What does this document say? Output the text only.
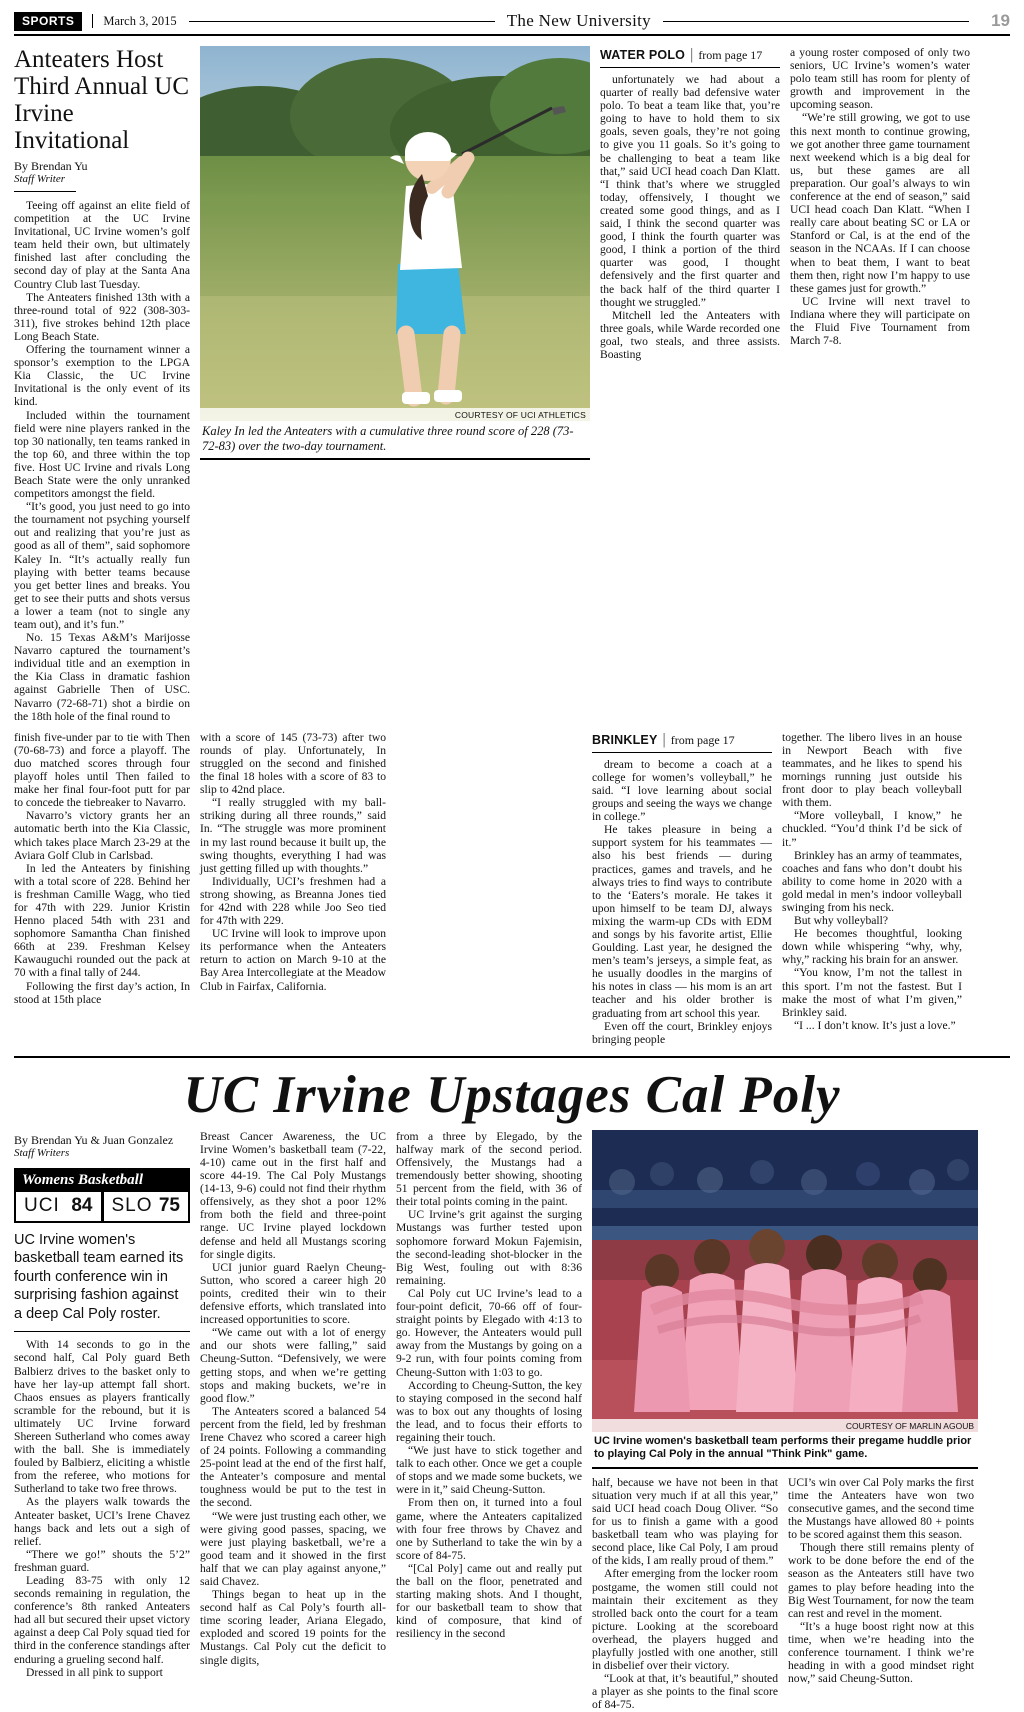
SPORTS	March 3, 2015	The New University	19
Anteaters Host Third Annual UC Irvine Invitational
By Brendan Yu
Staff Writer

Teeing off against an elite field of competition at the UC Irvine Invitational, UC Irvine women’s golf team held their own, but ultimately finished last after concluding the second day of play at the Santa Ana Country Club last Tuesday.

The Anteaters finished 13th with a three-round total of 922 (308-303-311), five strokes behind 12th place Long Beach State.

Offering the tournament winner a sponsor’s exemption to the LPGA Kia Classic, the UC Irvine Invitational is the only event of its kind.

Included within the tournament field were nine players ranked in the top 30 nationally, ten teams ranked in the top 60, and three within the top five. Host UC Irvine and rivals Long Beach State were the only unranked competitors amongst the field.

“It’s good, you just need to go into the tournament not psyching yourself out and realizing that you’re just as good as all of them”, said sophomore Kaley In. “It’s actually really fun playing with better teams because you get better lines and breaks. You get to see their putts and shots versus a lower a team (not to single any team out), and it’s fun.”

No. 15 Texas A&M’s Marijosse Navarro captured the tournament’s individual title and an exemption in the Kia Class in dramatic fashion against Gabrielle Then of USC. Navarro (72-68-71) shot a birdie on the 18th hole of the final round to

COURTESY OF UCI ATHLETICS
Kaley In led the Anteaters with a cumulative three round score of 228 (73-72-83) over the two-day tournament.
WATER POLO | from page 17

unfortunately we had about a quarter of really bad defensive water polo. To beat a team like that, you’re going to have to hold them to six goals, seven goals, they’re not going to give you 11 goals. So it’s going to be challenging to beat a team like that,” said UCI head coach Dan Klatt. “I think that’s where we struggled today, offensively, I thought we created some good things, and as I said, I think the second quarter was good, I think the fourth quarter was good, I think a portion of the third quarter was good, I thought defensively and the first quarter and the back half of the third quarter I thought we struggled.”

Mitchell led the Anteaters with three goals, while Warde recorded one goal, two steals, and three assists. Boasting

a young roster composed of only two seniors, UC Irvine’s women’s water polo team still has room for plenty of growth and improvement in the upcoming season.

“We’re still growing, we got to use this next month to continue growing, we got another three game tournament next weekend which is a big deal for us, but these games are all preparation. Our goal’s always to win conference at the end of season,” said UCI head coach Dan Klatt. “When I really care about beating SC or LA or Stanford or Cal, is at the end of the season in the NCAAs. If I can choose when to beat them, I want to beat them then, right now I’m happy to use these games just for growth.”

UC Irvine will next travel to Indiana where they will participate on the Fluid Five Tournament from March 7-8.

finish five-under par to tie with Then (70-68-73) and force a playoff. The duo matched scores through four playoff holes until Then failed to make her final four-foot putt for par to concede the tiebreaker to Navarro.

Navarro’s victory grants her an automatic berth into the Kia Classic, which takes place March 23-29 at the Aviara Golf Club in Carlsbad.

In led the Anteaters by finishing with a total score of 228. Behind her is freshman Camille Wagg, who tied for 47th with 229. Junior Kristin Henno placed 54th with 231 and sophomore Samantha Chan finished 66th at 239. Freshman Kelsey Kawauguchi rounded out the pack at 70 with a final tally of 244.

Following the first day’s action, In stood at 15th place

with a score of 145 (73-73) after two rounds of play. Unfortunately, In struggled on the second and finished the final 18 holes with a score of 83 to slip to 42nd place.

“I really struggled with my ball-striking during all three rounds,” said In. “The struggle was more prominent in my last round because it built up, the swing thoughts, everything I had was just getting filled up with thoughts.”

Individually, UCI’s freshmen had a strong showing, as Breanna Jones tied for 42nd with 228 while Joo Seo tied for 47th with 229.

UC Irvine will look to improve upon its performance when the Anteaters return to action on March 9-10 at the Bay Area Intercollegiate at the Meadow Club in Fairfax, California.

BRINKLEY | from page 17

dream to become a coach at a college for women’s volleyball,” he said. “I love learning about social groups and seeing the ways we change in college.”

He takes pleasure in being a support system for his teammates –– also his best friends –– during practices, games and travels, and he always tries to find ways to contribute to the ‘Eaters’s morale. He takes it upon himself to be team DJ, always mixing the warm-up CDs with EDM and songs by his favorite artist, Ellie Goulding. Last year, he designed the men’s team’s jerseys, a simple feat, as he usually doodles in the margins of his notes in class –– his mom is an art teacher and his older brother is graduating from art school this year.

Even off the court, Brinkley enjoys bringing people

together. The libero lives in an house in Newport Beach with five teammates, and he likes to spend his mornings running just outside his front door to play beach volleyball with them.

“More volleyball, I know,” he chuckled. “You’d think I’d be sick of it.”

Brinkley has an army of teammates, coaches and fans who don’t doubt his ability to come home in 2020 with a gold medal in men’s indoor volleyball swinging from his neck.

But why volleyball?

He becomes thoughtful, looking down while whispering “why, why, why,” racking his brain for an answer.

“You know, I’m not the tallest in this sport. I’m not the fastest. But I make the most of what I’m given,” Brinkley said.

“I ... I don’t know. It’s just a love.”

UC Irvine Upstages Cal Poly
By Brendan Yu & Juan Gonzalez
Staff Writers
Womens Basketball
UCI 84 SLO 75
UC Irvine women's basketball team earned its fourth conference win in surprising fashion against a deep Cal Poly roster.

With 14 seconds to go in the second half, Cal Poly guard Beth Balbierz drives to the basket only to have her lay-up attempt fall short. Chaos ensues as players frantically scramble for the rebound, but it is ultimately UC Irvine forward Shereen Sutherland who comes away with the ball. She is immediately fouled by Balbierz, eliciting a whistle from the referee, who motions for Sutherland to take two free throws.

As the players walk towards the Anteater basket, UCI’s Irene Chavez hangs back and lets out a sigh of relief.

“There we go!” shouts the 5’2” freshman guard.

Leading 83-75 with only 12 seconds remaining in regulation, the conference’s 8th ranked Anteaters had all but secured their upset victory against a deep Cal Poly squad tied for third in the conference standings after enduring a grueling second half.

Dressed in all pink to support

Breast Cancer Awareness, the UC Irvine Women’s basketball team (7-22, 4-10) came out in the first half and score 44-19. The Cal Poly Mustangs (14-13, 9-6) could not find their rhythm offensively, as they shot a poor 12% from both the field and three-point range. UC Irvine played lockdown defense and held all Mustangs scoring for single digits.

UCI junior guard Raelyn Cheung-Sutton, who scored a career high 20 points, credited their win to their defensive efforts, which translated into increased opportunities to score.

“We came out with a lot of energy and our shots were falling,” said Cheung-Sutton. “Defensively, we were getting stops, and when we’re getting stops and making buckets, we’re in good flow.”

The Anteaters scored a balanced 54 percent from the field, led by freshman Irene Chavez who scored a career high of 24 points. Following a commanding 25-point lead at the end of the first half, the Anteater’s composure and mental toughness would be put to the test in the second.

“We were just trusting each other, we were giving good passes, spacing, we were just playing basketball, we’re a good team and it showed in the first half that we can play against anyone,” said Chavez.

Things began to heat up in the second half as Cal Poly’s fourth all-time scoring leader, Ariana Elegado, exploded and scored 19 points for the Mustangs. Cal Poly cut the deficit to single digits,

from a three by Elegado, by the halfway mark of the second period. Offensively, the Mustangs had a tremendously better showing, shooting 51 percent from the field, with 36 of their total points coming in the paint.

UC Irvine’s grit against the surging Mustangs was further tested upon sophomore forward Mokun Fajemisin, the second-leading shot-blocker in the Big West, fouling out with 8:36 remaining.

Cal Poly cut UC Irvine’s lead to a four-point deficit, 70-66 off of four-straight points by Elegado with 4:13 to go. However, the Anteaters would pull away from the Mustangs by going on a 9-2 run, with four points coming from Cheung-Sutton with 1:03 to go.

According to Cheung-Sutton, the key to staying composed in the second half was to box out any thoughts of losing the lead, and to focus their efforts to regaining their touch.

“We just have to stick together and talk to each other. Once we get a couple of stops and we made some buckets, we were in it,” said Cheung-Sutton.

From then on, it turned into a foul game, where the Anteaters capitalized with four free throws by Chavez and one by Sutherland to take the win by a score of 84-75.

“[Cal Poly] came out and really put the ball on the floor, penetrated and starting making shots. And I thought, for our basketball team to show that kind of composure, that kind of resiliency in the second

COURTESY OF MARLIN AGOUB
UC Irvine women's basketball team performs their pregame huddle prior to playing Cal Poly in the annual "Think Pink" game.

half, because we have not been in that situation very much if at all this year,” said UCI head coach Doug Oliver. “So for us to finish a game with a good basketball team who was playing for second place, like Cal Poly, I am proud of the kids, I am really proud of them.”

After emerging from the locker room postgame, the women still could not maintain their excitement as they strolled back onto the court for a team picture. Looking at the scoreboard overhead, the players hugged and playfully jostled with one another, still in disbelief over their victory.

“Look at that, it’s beautiful,” shouted a player as she points to the final score of 84-75.

UCI’s win over Cal Poly marks the first time the Anteaters have won two consecutive games, and the second time the Mustangs have allowed 80 + points to be scored against them this season.

Though there still remains plenty of work to be done before the end of the season as the Anteaters still have two games to play before heading into the Big West Tournament, for now the team can rest and revel in the moment.

“It’s a huge boost right now at this time, when we’re heading into the conference tournament. I think we’re heading in with a good mindset right now,” said Cheung-Sutton.
